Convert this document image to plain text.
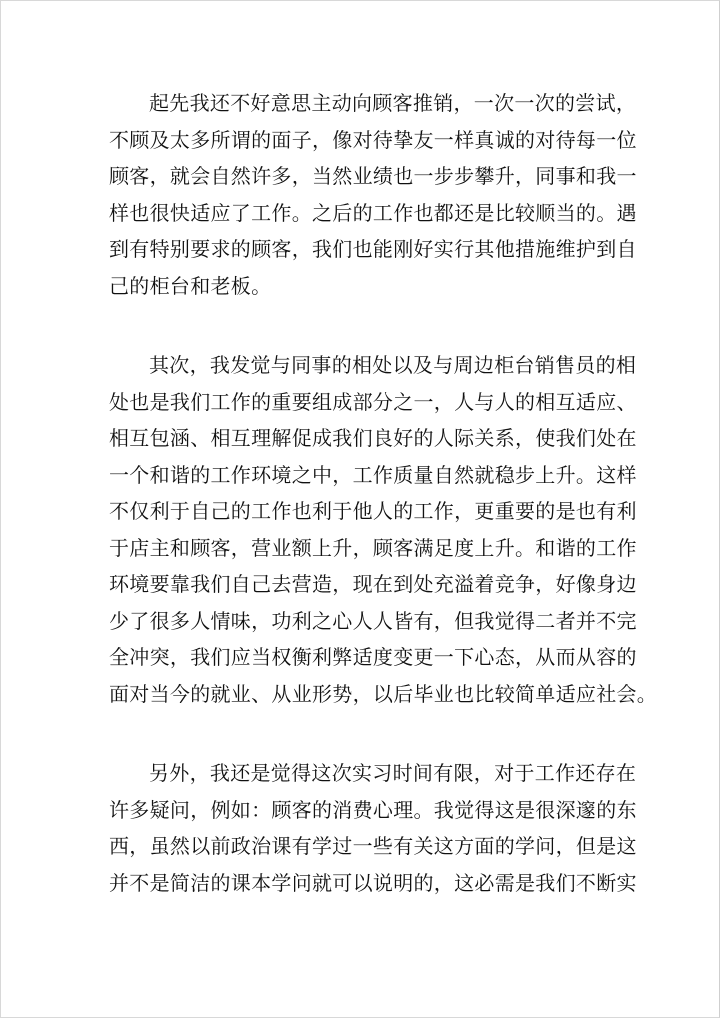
起先我还不好意思主动向顾客推销，一次一次的尝试，
不顾及太多所谓的面子，像对待挚友一样真诚的对待每一位
顾客，就会自然许多，当然业绩也一步步攀升，同事和我一
样也很快适应了工作。之后的工作也都还是比较顺当的。遇
到有特别要求的顾客，我们也能刚好实行其他措施维护到自
己的柜台和老板。
其次，我发觉与同事的相处以及与周边柜台销售员的相
处也是我们工作的重要组成部分之一，人与人的相互适应、
相互包涵、相互理解促成我们良好的人际关系，使我们处在
一个和谐的工作环境之中，工作质量自然就稳步上升。这样
不仅利于自己的工作也利于他人的工作，更重要的是也有利
于店主和顾客，营业额上升，顾客满足度上升。和谐的工作
环境要靠我们自己去营造，现在到处充溢着竞争，好像身边
少了很多人情味，功利之心人人皆有，但我觉得二者并不完
全冲突，我们应当权衡利弊适度变更一下心态，从而从容的
面对当今的就业、从业形势，以后毕业也比较简单适应社会。
另外，我还是觉得这次实习时间有限，对于工作还存在
许多疑问，例如：顾客的消费心理。我觉得这是很深邃的东
西，虽然以前政治课有学过一些有关这方面的学问，但是这
并不是简洁的课本学问就可以说明的，这必需是我们不断实
